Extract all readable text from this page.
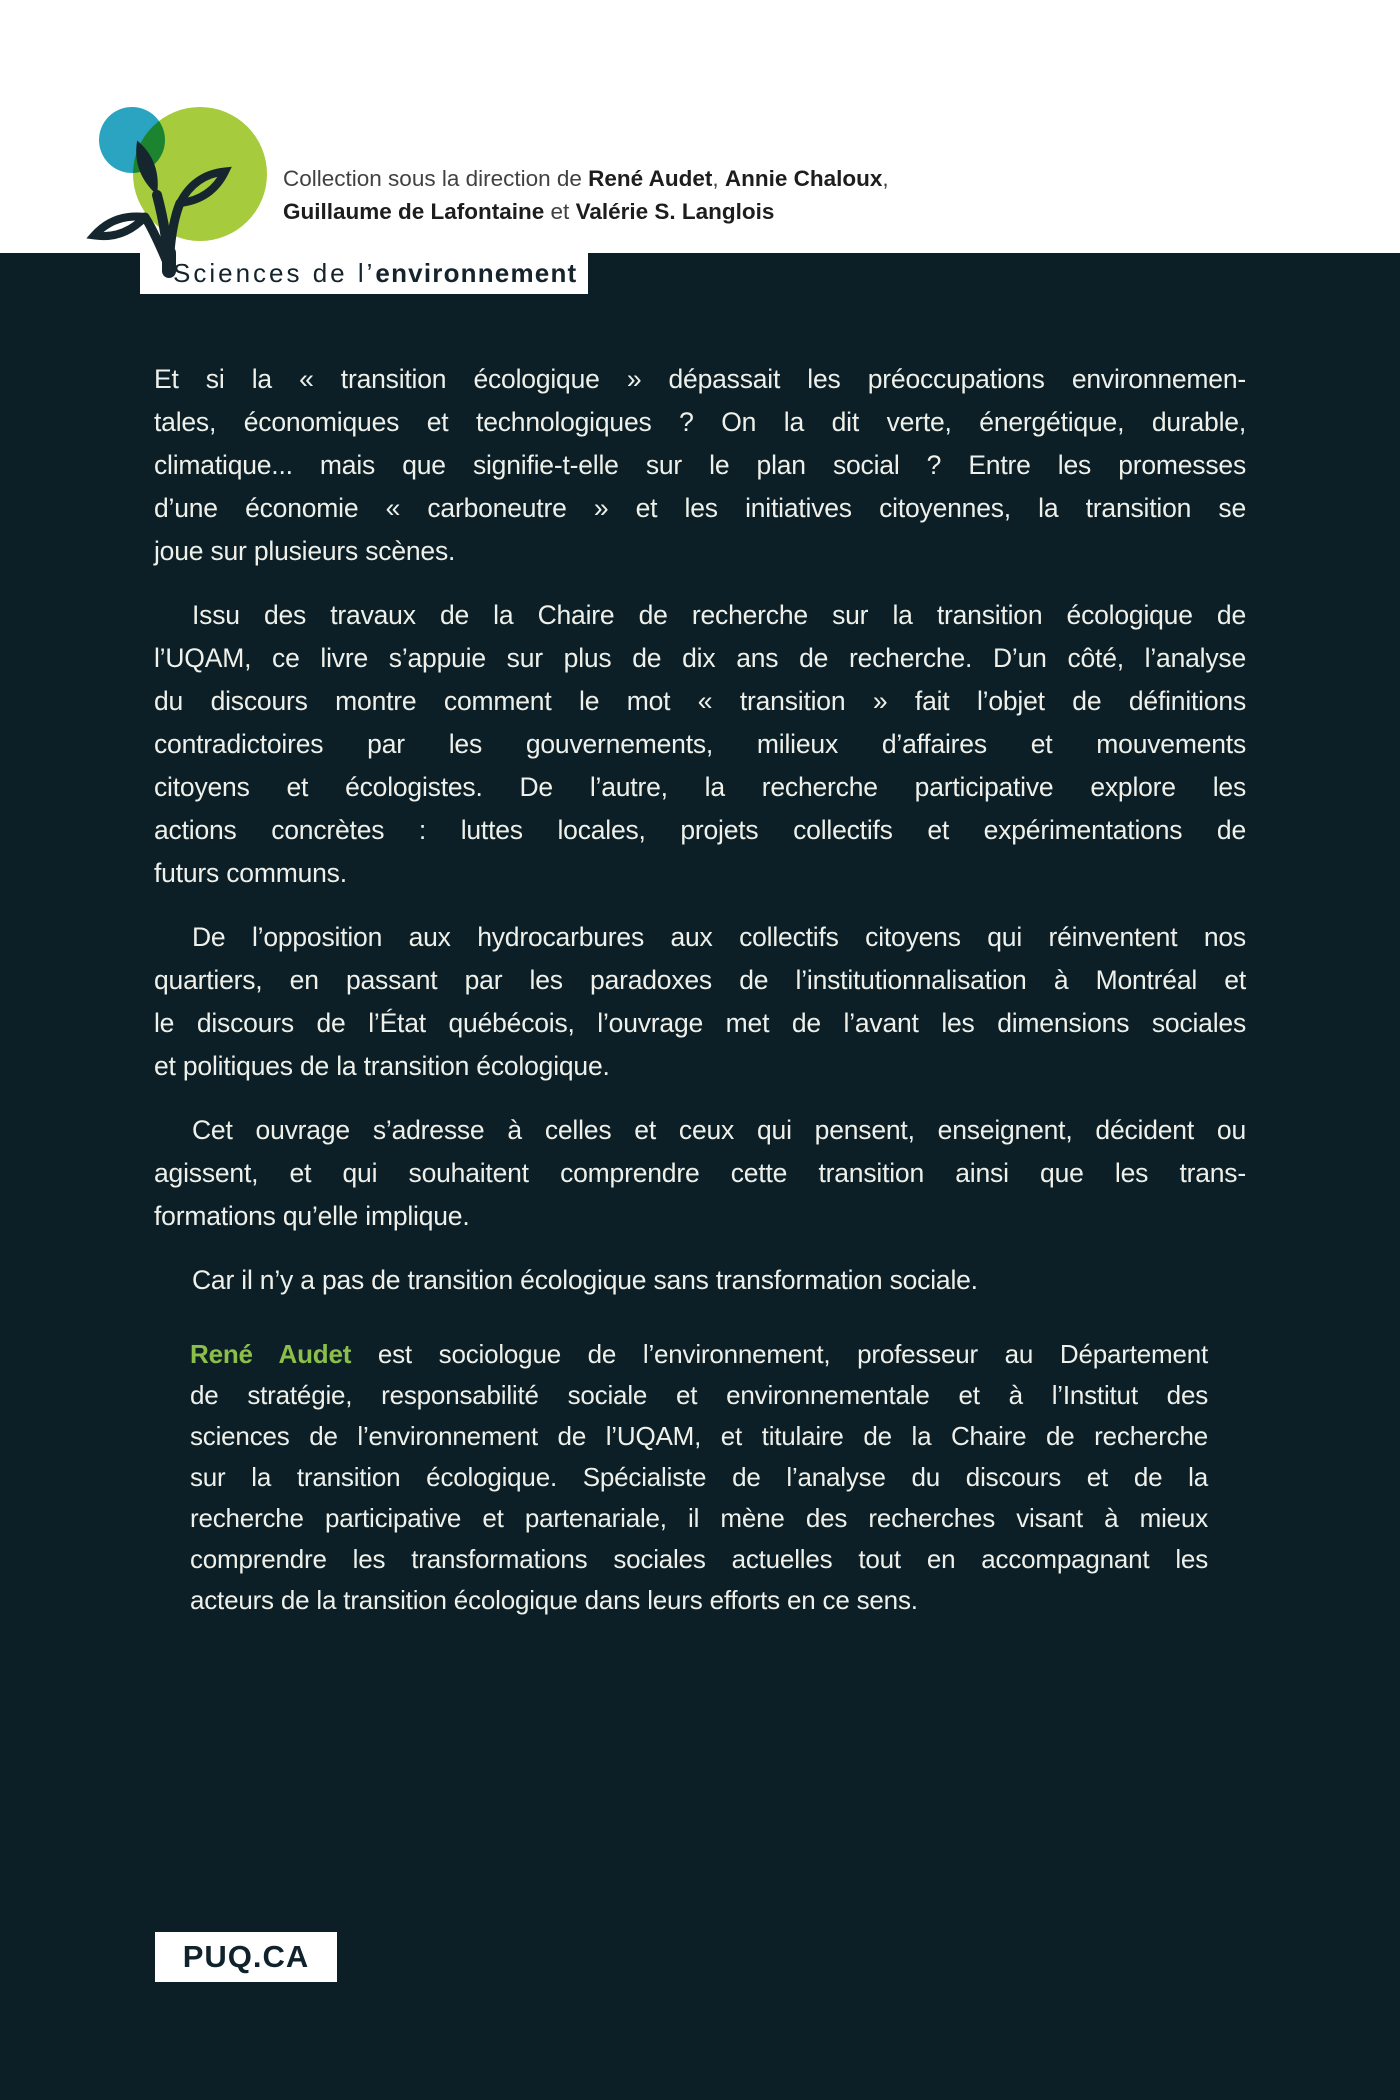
Collection sous la direction de René Audet, Annie Chaloux,
Guillaume de Lafontaine et Valérie S. Langlois
Sciences de l’environnement
Et si la « transition écologique » dépassait les préoccupations environnemen-
tales, économiques et technologiques ? On la dit verte, énergétique, durable,
climatique... mais que signifie-t-elle sur le plan social ? Entre les promesses
d’une économie « carboneutre » et les initiatives citoyennes, la transition se
joue sur plusieurs scènes.
Issu des travaux de la Chaire de recherche sur la transition écologique de
l’UQAM, ce livre s’appuie sur plus de dix ans de recherche. D’un côté, l’analyse
du discours montre comment le mot « transition » fait l’objet de définitions
contradictoires par les gouvernements, milieux d’affaires et mouvements
citoyens et écologistes. De l’autre, la recherche participative explore les
actions concrètes : luttes locales, projets collectifs et expérimentations de
futurs communs.
De l’opposition aux hydrocarbures aux collectifs citoyens qui réinventent nos
quartiers, en passant par les paradoxes de l’institutionnalisation à Montréal et
le discours de l’État québécois, l’ouvrage met de l’avant les dimensions sociales
et politiques de la transition écologique.
Cet ouvrage s’adresse à celles et ceux qui pensent, enseignent, décident ou
agissent, et qui souhaitent comprendre cette transition ainsi que les trans-
formations qu’elle implique.
Car il n’y a pas de transition écologique sans transformation sociale.
René Audet est sociologue de l’environnement, professeur au Département
de stratégie, responsabilité sociale et environnementale et à l’Institut des
sciences de l’environnement de l’UQAM, et titulaire de la Chaire de recherche
sur la transition écologique. Spécialiste de l’analyse du discours et de la
recherche participative et partenariale, il mène des recherches visant à mieux
comprendre les transformations sociales actuelles tout en accompagnant les
acteurs de la transition écologique dans leurs efforts en ce sens.
PUQ.CA
